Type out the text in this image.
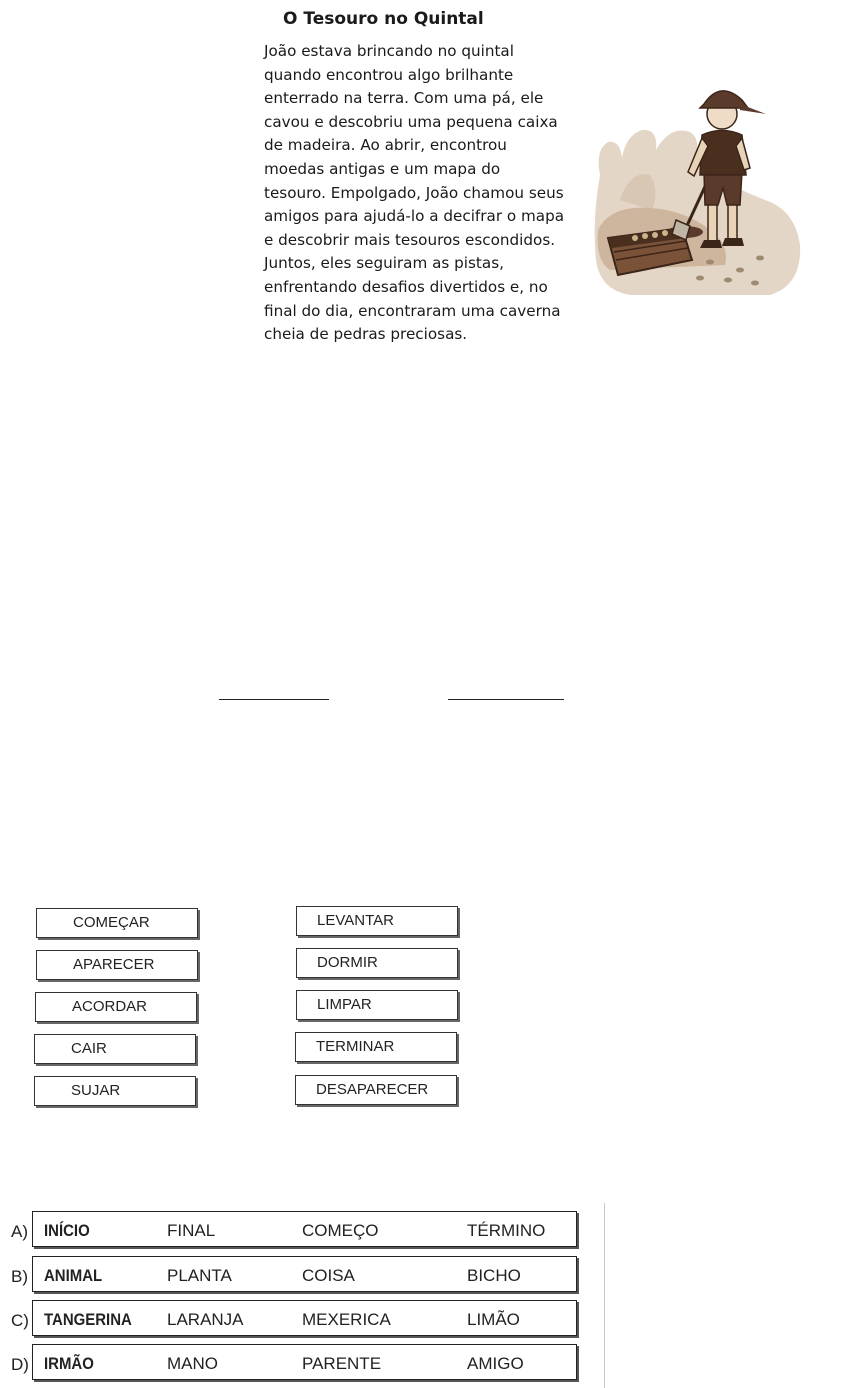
O Tesouro no Quintal
João estava brincando no quintal
quando encontrou algo brilhante
enterrado na terra. Com uma pá, ele
cavou e descobriu uma pequena caixa
de madeira. Ao abrir, encontrou
moedas antigas e um mapa do
tesouro. Empolgado, João chamou seus
amigos para ajudá-lo a decifrar o mapa
e descobrir mais tesouros escondidos.
Juntos, eles seguiram as pistas,
enfrentando desafios divertidos e, no
final do dia, encontraram uma caverna
cheia de pedras preciosas.
COMEÇAR
APARECER
ACORDAR
CAIR
SUJAR
LEVANTAR
DORMIR
LIMPAR
TERMINAR
DESAPARECER
A) INÍCIO	FINAL	COMEÇO	TÉRMINO
B) ANIMAL	PLANTA	COISA	BICHO
C) TANGERINA LARANJA	MEXERICA	LIMÃO
D) IRMÃO	MANO	PARENTE	AMIGO
